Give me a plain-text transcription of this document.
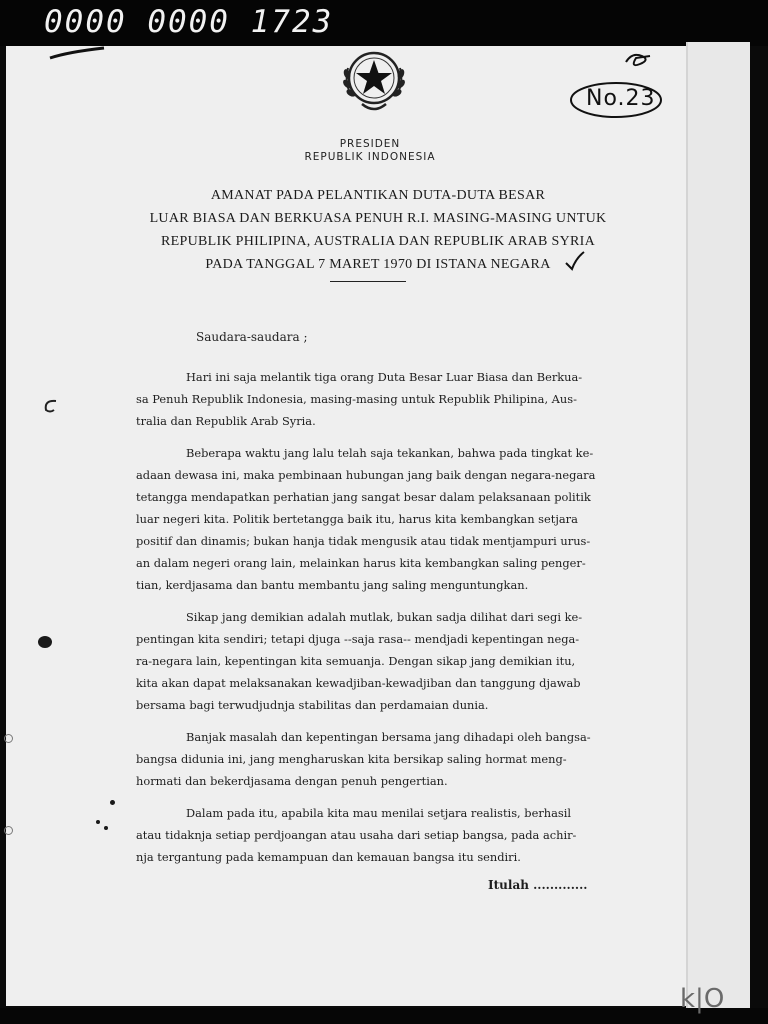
0000 0000 1723
No.23
PRESIDEN
REPUBLIK INDONESIA
AMANAT PADA PELANTIKAN DUTA-DUTA BESAR
LUAR BIASA DAN BERKUASA PENUH R.I. MASING-MASING UNTUK
REPUBLIK PHILIPINA, AUSTRALIA DAN REPUBLIK ARAB SYRIA
PADA TANGGAL 7 MARET 1970 DI ISTANA NEGARA
Saudara-saudara ;
Hari ini saja melantik tiga orang Duta Besar Luar Biasa dan Berkua-
sa Penuh Republik Indonesia, masing-masing untuk Republik Philipina, Aus-
tralia dan Republik Arab Syria.
Beberapa waktu jang lalu telah saja tekankan, bahwa pada tingkat ke-
adaan dewasa ini, maka pembinaan hubungan jang baik dengan negara-negara
tetangga mendapatkan perhatian jang sangat besar dalam pelaksanaan politik
luar negeri kita. Politik bertetangga baik itu, harus kita kembangkan setjara
positif dan dinamis; bukan hanja tidak mengusik atau tidak mentjampuri urus-
an dalam negeri orang lain, melainkan harus kita kembangkan saling penger-
tian, kerdjasama dan bantu membantu jang saling menguntungkan.
Sikap jang demikian adalah mutlak, bukan sadja dilihat dari segi ke-
pentingan kita sendiri; tetapi djuga --saja rasa-- mendjadi kepentingan nega-
ra-negara lain, kepentingan kita semuanja. Dengan sikap jang demikian itu,
kita akan dapat melaksanakan kewadjiban-kewadjiban dan tanggung djawab
bersama bagi terwudjudnja stabilitas dan perdamaian dunia.
Banjak masalah dan kepentingan bersama jang dihadapi oleh bangsa-
bangsa didunia ini, jang mengharuskan kita bersikap saling hormat meng-
hormati dan bekerdjasama dengan penuh pengertian.
Dalam pada itu, apabila kita mau menilai setjara realistis, berhasil
atau tidaknja setiap perdjoangan atau usaha dari setiap bangsa, pada achir-
nja tergantung pada kemampuan dan kemauan bangsa itu sendiri.
Itulah .............
k|O
